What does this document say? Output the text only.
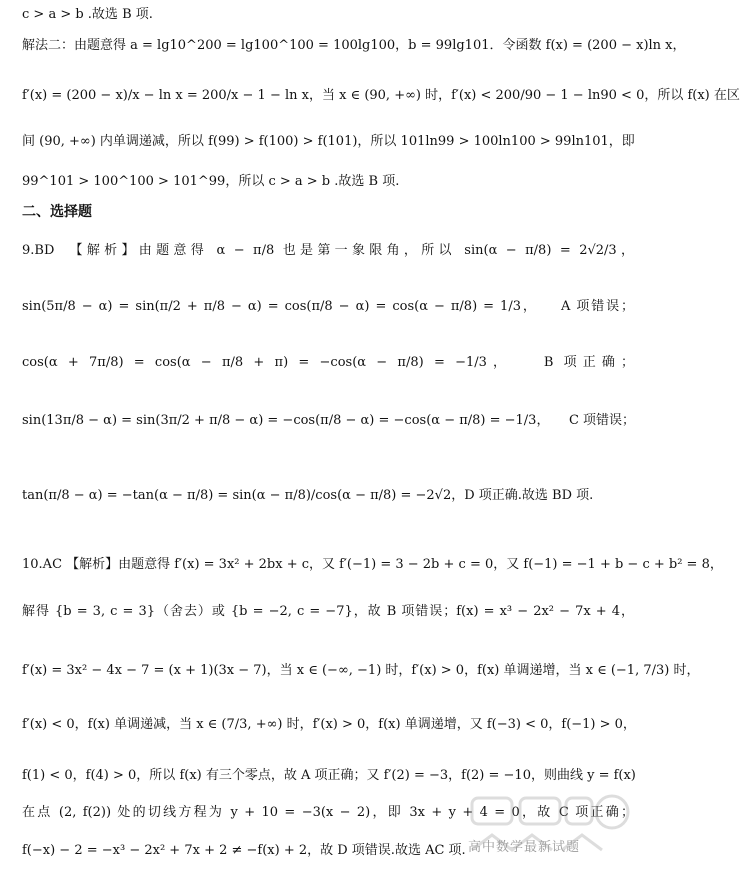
c > a > b .故选 B 项.
解法二：由题意得 a = lg10^200 = lg100^100 = 100lg100，b = 99lg101．令函数 f(x) = (200 − x)ln x，
f′(x) = (200 − x)/x − ln x = 200/x − 1 − ln x，当 x ∈ (90, +∞) 时，f′(x) < 200/90 − 1 − ln90 < 0，所以 f(x) 在区
间 (90, +∞) 内单调递减，所以 f(99) > f(100) > f(101)，所以 101ln99 > 100ln100 > 99ln101，即
99^101 > 100^100 > 101^99，所以 c > a > b .故选 B 项.
二、选择题
9.BD　【解析】由题意得 α − π/8 也是第一象限角，所以 sin(α − π/8) = 2√2/3，
sin(5π/8 − α) = sin(π/2 + π/8 − α) = cos(π/8 − α) = cos(α − π/8) = 1/3，　　A 项错误；
cos(α + 7π/8) = cos(α − π/8 + π) = −cos(α − π/8) = −1/3，　　B 项正确；
sin(13π/8 − α) = sin(3π/2 + π/8 − α) = −cos(π/8 − α) = −cos(α − π/8) = −1/3，　　C 项错误；
tan(π/8 − α) = −tan(α − π/8) = sin(α − π/8)/cos(α − π/8) = −2√2，D 项正确.故选 BD 项.
10.AC 【解析】由题意得 f′(x) = 3x² + 2bx + c，又 f′(−1) = 3 − 2b + c = 0，又 f(−1) = −1 + b − c + b² = 8，
解得 {b = 3, c = 3}（舍去）或 {b = −2, c = −7}，故 B 项错误；f(x) = x³ − 2x² − 7x + 4，
f′(x) = 3x² − 4x − 7 = (x + 1)(3x − 7)，当 x ∈ (−∞, −1) 时，f′(x) > 0，f(x) 单调递增，当 x ∈ (−1, 7/3) 时，
f′(x) < 0，f(x) 单调递减，当 x ∈ (7/3, +∞) 时，f′(x) > 0，f(x) 单调递增，又 f(−3) < 0，f(−1) > 0，
f(1) < 0，f(4) > 0，所以 f(x) 有三个零点，故 A 项正确；又 f′(2) = −3，f(2) = −10，则曲线 y = f(x)
在点 (2, f(2)) 处的切线方程为 y + 10 = −3(x − 2)，即 3x + y + 4 = 0，故 C 项正确；
f(−x) − 2 = −x³ − 2x² + 7x + 2 ≠ −f(x) + 2，故 D 项错误.故选 AC 项. 高中数学最新试题
